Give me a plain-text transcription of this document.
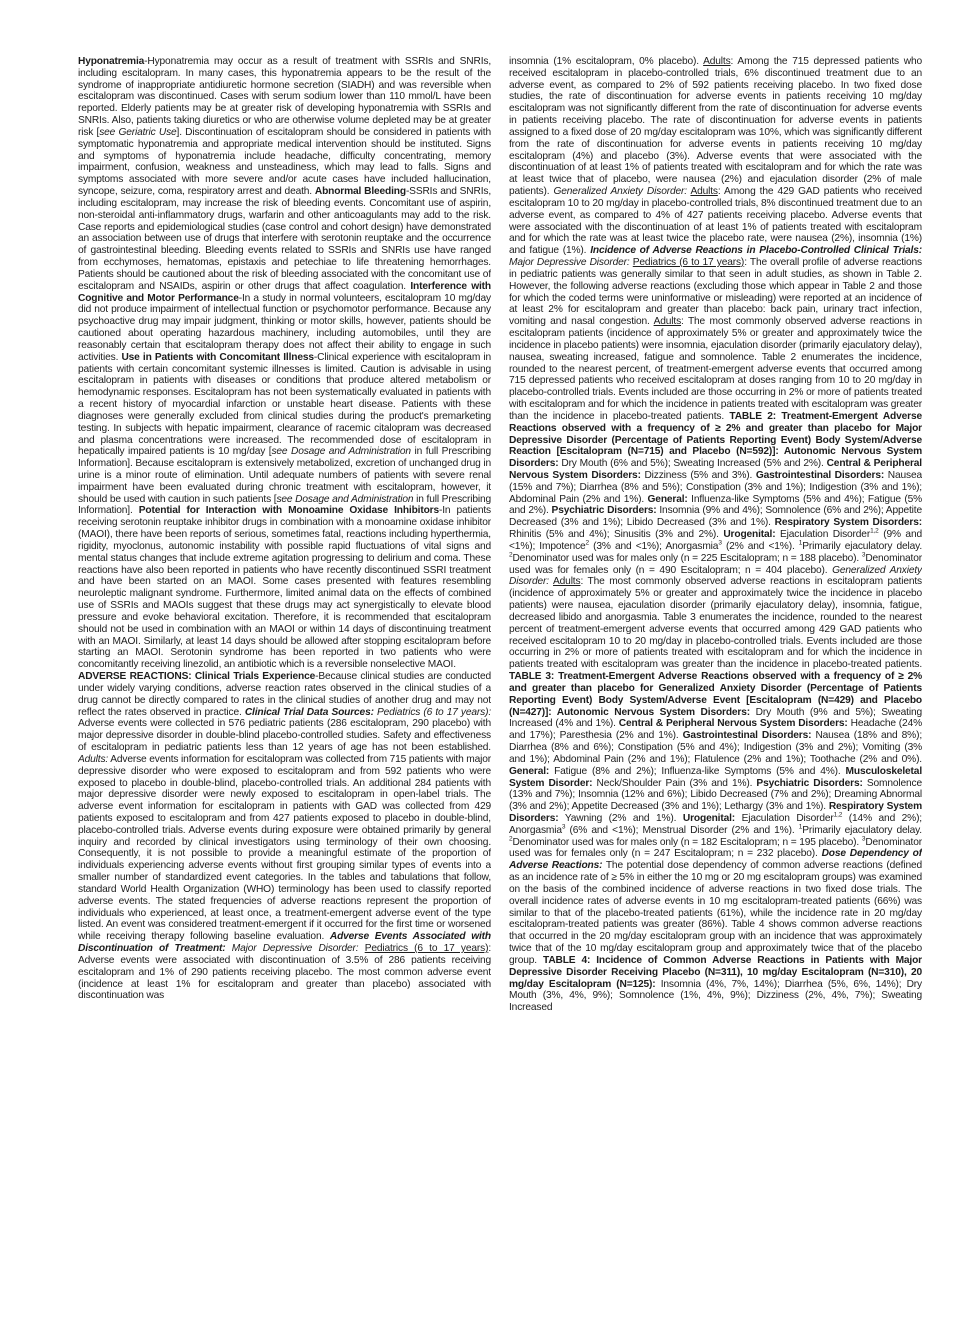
Hyponatremia-Hyponatremia may occur as a result of treatment with SSRIs and SNRIs, including escitalopram. In many cases, this hyponatremia appears to be the result of the syndrome of inappropriate antidiuretic hormone secretion (SIADH) and was reversible when escitalopram was discontinued. Cases with serum sodium lower than 110 mmol/L have been reported. Elderly patients may be at greater risk of developing hyponatremia with SSRIs and SNRIs. Also, patients taking diuretics or who are otherwise volume depleted may be at greater risk [see Geriatric Use]. Discontinuation of escitalopram should be considered in patients with symptomatic hyponatremia and appropriate medical intervention should be instituted. Signs and symptoms of hyponatremia include headache, difficulty concentrating, memory impairment, confusion, weakness and unsteadiness, which may lead to falls. Signs and symptoms associated with more severe and/or acute cases have included hallucination, syncope, seizure, coma, respiratory arrest and death. Abnormal Bleeding-SSRIs and SNRIs, including escitalopram, may increase the risk of bleeding events. Concomitant use of aspirin, non-steroidal anti-inflammatory drugs, warfarin and other anticoagulants may add to the risk. Case reports and epidemiological studies (case control and cohort design) have demonstrated an association between use of drugs that interfere with serotonin reuptake and the occurrence of gastrointestinal bleeding. Bleeding events related to SSRIs and SNRIs use have ranged from ecchymoses, hematomas, epistaxis and petechiae to life threatening hemorrhages. Patients should be cautioned about the risk of bleeding associated with the concomitant use of escitalopram and NSAIDs, aspirin or other drugs that affect coagulation. Interference with Cognitive and Motor Performance-In a study in normal volunteers, escitalopram 10 mg/day did not produce impairment of intellectual function or psychomotor performance. Because any psychoactive drug may impair judgment, thinking or motor skills, however, patients should be cautioned about operating hazardous machinery, including automobiles, until they are reasonably certain that escitalopram therapy does not affect their ability to engage in such activities. Use in Patients with Concomitant Illness-Clinical experience with escitalopram in patients with certain concomitant systemic illnesses is limited. Caution is advisable in using escitalopram in patients with diseases or conditions that produce altered metabolism or hemodynamic responses. Escitalopram has not been systematically evaluated in patients with a recent history of myocardial infarction or unstable heart disease. Patients with these diagnoses were generally excluded from clinical studies during the product's premarketing testing. In subjects with hepatic impairment, clearance of racemic citalopram was decreased and plasma concentrations were increased. The recommended dose of escitalopram in hepatically impaired patients is 10 mg/day [see Dosage and Administration in full Prescribing Information]. Because escitalopram is extensively metabolized, excretion of unchanged drug in urine is a minor route of elimination. Until adequate numbers of patients with severe renal impairment have been evaluated during chronic treatment with escitalopram, however, it should be used with caution in such patients [see Dosage and Administration in full Prescribing Information]. Potential for Interaction with Monoamine Oxidase Inhibitors-In patients receiving serotonin reuptake inhibitor drugs in combination with a monoamine oxidase inhibitor (MAOI), there have been reports of serious, sometimes fatal, reactions including hyperthermia, rigidity, myoclonus, autonomic instability with possible rapid fluctuations of vital signs and mental status changes that include extreme agitation progressing to delirium and coma. These reactions have also been reported in patients who have recently discontinued SSRI treatment and have been started on an MAOI. Some cases presented with features resembling neuroleptic malignant syndrome. Furthermore, limited animal data on the effects of combined use of SSRIs and MAOIs suggest that these drugs may act synergistically to elevate blood pressure and evoke behavioral excitation. Therefore, it is recommended that escitalopram should not be used in combination with an MAOI or within 14 days of discontinuing treatment with an MAOI. Similarly, at least 14 days should be allowed after stopping escitalopram before starting an MAOI. Serotonin syndrome has been reported in two patients who were concomitantly receiving linezolid, an antibiotic which is a reversible nonselective MAOI.
ADVERSE REACTIONS: Clinical Trials Experience-Because clinical studies are conducted under widely varying conditions, adverse reaction rates observed in the clinical studies of a drug cannot be directly compared to rates in the clinical studies of another drug and may not reflect the rates observed in practice. Clinical Trial Data Sources: Pediatrics (6 to 17 years): Adverse events were collected in 576 pediatric patients (286 escitalopram, 290 placebo) with major depressive disorder in double-blind placebo-controlled studies. Safety and effectiveness of escitalopram in pediatric patients less than 12 years of age has not been established. Adults: Adverse events information for escitalopram was collected from 715 patients with major depressive disorder who were exposed to escitalopram and from 592 patients who were exposed to placebo in double-blind, placebo-controlled trials. An additional 284 patients with major depressive disorder were newly exposed to escitalopram in open-label trials. The adverse event information for escitalopram in patients with GAD was collected from 429 patients exposed to escitalopram and from 427 patients exposed to placebo in double-blind, placebo-controlled trials. Adverse events during exposure were obtained primarily by general inquiry and recorded by clinical investigators using terminology of their own choosing. Consequently, it is not possible to provide a meaningful estimate of the proportion of individuals experiencing adverse events without first grouping similar types of events into a smaller number of standardized event categories. In the tables and tabulations that follow, standard World Health Organization (WHO) terminology has been used to classify reported adverse events. The stated frequencies of adverse reactions represent the proportion of individuals who experienced, at least once, a treatment-emergent adverse event of the type listed. An event was considered treatment-emergent if it occurred for the first time or worsened while receiving therapy following baseline evaluation. Adverse Events Associated with Discontinuation of Treatment: Major Depressive Disorder: Pediatrics (6 to 17 years): Adverse events were associated with discontinuation of 3.5% of 286 patients receiving escitalopram and 1% of 290 patients receiving placebo. The most common adverse event (incidence at least 1% for escitalopram and greater than placebo) associated with discontinuation was

insomnia (1% escitalopram, 0% placebo). Adults: Among the 715 depressed patients who received escitalopram in placebo-controlled trials, 6% discontinued treatment due to an adverse event, as compared to 2% of 592 patients receiving placebo. In two fixed dose studies, the rate of discontinuation for adverse events in patients receiving 10 mg/day escitalopram was not significantly different from the rate of discontinuation for adverse events in patients receiving placebo. The rate of discontinuation for adverse events in patients assigned to a fixed dose of 20 mg/day escitalopram was 10%, which was significantly different from the rate of discontinuation for adverse events in patients receiving 10 mg/day escitalopram (4%) and placebo (3%). Adverse events that were associated with the discontinuation of at least 1% of patients treated with escitalopram and for which the rate was at least twice that of placebo, were nausea (2%) and ejaculation disorder (2% of male patients). Generalized Anxiety Disorder: Adults: Among the 429 GAD patients who received escitalopram 10 to 20 mg/day in placebo-controlled trials, 8% discontinued treatment due to an adverse event, as compared to 4% of 427 patients receiving placebo. Adverse events that were associated with the discontinuation of at least 1% of patients treated with escitalopram and for which the rate was at least twice the placebo rate, were nausea (2%), insomnia (1%) and fatigue (1%). Incidence of Adverse Reactions in Placebo-Controlled Clinical Trials: Major Depressive Disorder: Pediatrics (6 to 17 years): The overall profile of adverse reactions in pediatric patients was generally similar to that seen in adult studies, as shown in Table 2. However, the following adverse reactions (excluding those which appear in Table 2 and those for which the coded terms were uninformative or misleading) were reported at an incidence of at least 2% for escitalopram and greater than placebo: back pain, urinary tract infection, vomiting and nasal congestion. Adults: The most commonly observed adverse reactions in escitalopram patients (incidence of approximately 5% or greater and approximately twice the incidence in placebo patients) were insomnia, ejaculation disorder (primarily ejaculatory delay), nausea, sweating increased, fatigue and somnolence. Table 2 enumerates the incidence, rounded to the nearest percent, of treatment-emergent adverse events that occurred among 715 depressed patients who received escitalopram at doses ranging from 10 to 20 mg/day in placebo-controlled trials. Events included are those occurring in 2% or more of patients treated with escitalopram and for which the incidence in patients treated with escitalopram was greater than the incidence in placebo-treated patients. TABLE 2: Treatment-Emergent Adverse Reactions observed with a frequency of ≥ 2% and greater than placebo for Major Depressive Disorder (Percentage of Patients Reporting Event) Body System/Adverse Reaction [Escitalopram (N=715) and Placebo (N=592)]: Autonomic Nervous System Disorders: Dry Mouth (6% and 5%); Sweating Increased (5% and 2%). Central & Peripheral Nervous System Disorders: Dizziness (5% and 3%). Gastrointestinal Disorders: Nausea (15% and 7%); Diarrhea (8% and 5%); Constipation (3% and 1%); Indigestion (3% and 1%); Abdominal Pain (2% and 1%). General: Influenza-like Symptoms (5% and 4%); Fatigue (5% and 2%). Psychiatric Disorders: Insomnia (9% and 4%); Somnolence (6% and 2%); Appetite Decreased (3% and 1%); Libido Decreased (3% and 1%). Respiratory System Disorders: Rhinitis (5% and 4%); Sinusitis (3% and 2%). Urogenital: Ejaculation Disorder$^{1,2}$ (9% and <1%); Impotence$^2$ (3% and <1%); Anorgasmia$^3$ (2% and <1%). $^1$Primarily ejaculatory delay. $^2$Denominator used was for males only (n = 225 Escitalopram; n = 188 placebo). $^3$Denominator used was for females only (n = 490 Escitalopram; n = 404 placebo). Generalized Anxiety Disorder: Adults: The most commonly observed adverse reactions in escitalopram patients (incidence of approximately 5% or greater and approximately twice the incidence in placebo patients) were nausea, ejaculation disorder (primarily ejaculatory delay), insomnia, fatigue, decreased libido and anorgasmia. Table 3 enumerates the incidence, rounded to the nearest percent of treatment-emergent adverse events that occurred among 429 GAD patients who received escitalopram 10 to 20 mg/day in placebo-controlled trials. Events included are those occurring in 2% or more of patients treated with escitalopram and for which the incidence in patients treated with escitalopram was greater than the incidence in placebo-treated patients. TABLE 3: Treatment-Emergent Adverse Reactions observed with a frequency of ≥ 2% and greater than placebo for Generalized Anxiety Disorder (Percentage of Patients Reporting Event) Body System/Adverse Event [Escitalopram (N=429) and Placebo (N=427)]: Autonomic Nervous System Disorders: Dry Mouth (9% and 5%); Sweating Increased (4% and 1%). Central & Peripheral Nervous System Disorders: Headache (24% and 17%); Paresthesia (2% and 1%). Gastrointestinal Disorders: Nausea (18% and 8%); Diarrhea (8% and 6%); Constipation (5% and 4%); Indigestion (3% and 2%); Vomiting (3% and 1%); Abdominal Pain (2% and 1%); Flatulence (2% and 1%); Toothache (2% and 0%). General: Fatigue (8% and 2%); Influenza-like Symptoms (5% and 4%). Musculoskeletal System Disorder: Neck/Shoulder Pain (3% and 1%). Psychiatric Disorders: Somnolence (13% and 7%); Insomnia (12% and 6%); Libido Decreased (7% and 2%); Dreaming Abnormal (3% and 2%); Appetite Decreased (3% and 1%); Lethargy (3% and 1%). Respiratory System Disorders: Yawning (2% and 1%). Urogenital: Ejaculation Disorder$^{1,2}$ (14% and 2%); Anorgasmia$^3$ (6% and <1%); Menstrual Disorder (2% and 1%). $^1$Primarily ejaculatory delay. $^2$Denominator used was for males only (n = 182 Escitalopram; n = 195 placebo). $^3$Denominator used was for females only (n = 247 Escitalopram; n = 232 placebo). Dose Dependency of Adverse Reactions: The potential dose dependency of common adverse reactions (defined as an incidence rate of ≥ 5% in either the 10 mg or 20 mg escitalopram groups) was examined on the basis of the combined incidence of adverse reactions in two fixed dose trials. The overall incidence rates of adverse events in 10 mg escitalopram-treated patients (66%) was similar to that of the placebo-treated patients (61%), while the incidence rate in 20 mg/day escitalopram-treated patients was greater (86%). Table 4 shows common adverse reactions that occurred in the 20 mg/day escitalopram group with an incidence that was approximately twice that of the 10 mg/day escitalopram group and approximately twice that of the placebo group. TABLE 4: Incidence of Common Adverse Reactions in Patients with Major Depressive Disorder Receiving Placebo (N=311), 10 mg/day Escitalopram (N=310), 20 mg/day Escitalopram (N=125): Insomnia (4%, 7%, 14%); Diarrhea (5%, 6%, 14%); Dry Mouth (3%, 4%, 9%); Somnolence (1%, 4%, 9%); Dizziness (2%, 4%, 7%); Sweating Increased
